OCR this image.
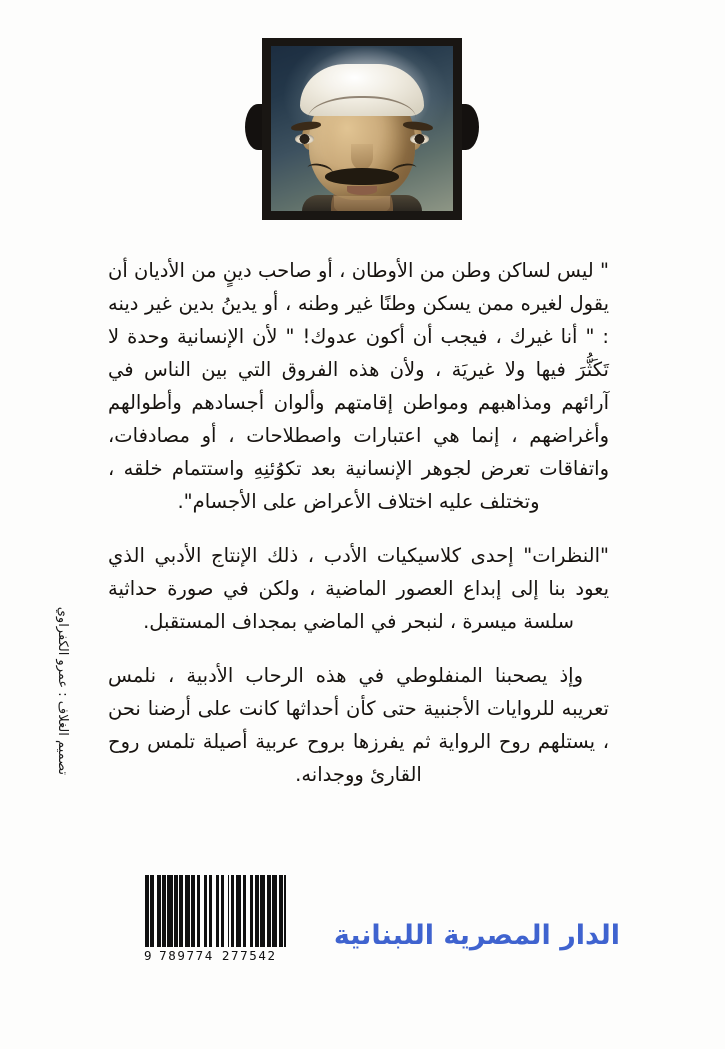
" ليس لساكن وطن من الأوطان ، أو صاحب دينٍ من الأديان أن يقول لغيره ممن يسكن وطنًا غير وطنه ، أو يدينُ بدين غير دينه : " أنا غيرك ، فيجب أن أكون عدوك! " لأن الإنسانية وحدة لا تَكَثُّرَ فيها ولا غيريَة ، ولأن هذه الفروق التي بين الناس في آرائهم ومذاهبهم ومواطن إقامتهم وألوان أجسادهم وأطوالهم وأغراضهم ، إنما هي اعتبارات واصطلاحات ، أو مصادفات، واتفاقات تعرض لجوهر الإنسانية بعد تكوُئنِهِ واستتمام خلقه ، وتختلف عليه اختلاف الأعراض على الأجسام".

"النظرات" إحدى كلاسيكيات الأدب ، ذلك الإنتاج الأدبي الذي يعود بنا إلى إبداع العصور الماضية ، ولكن في صورة حداثية سلسة ميسرة ، لنبحر في الماضي بمجداف المستقبل.

وإذ يصحبنا المنفلوطي في هذه الرحاب الأدبية ، نلمس تعريبه للروايات الأجنبية حتى كأن أحداثها كانت على أرضنا نحن ، يستلهم روح الرواية ثم يفرزها بروح عربية أصيلة تلمس روح القارئ ووجدانه.

تصميم الغلاف : عمرو الكفراوي
9 789774 277542
الدار المصرية اللبنانية
